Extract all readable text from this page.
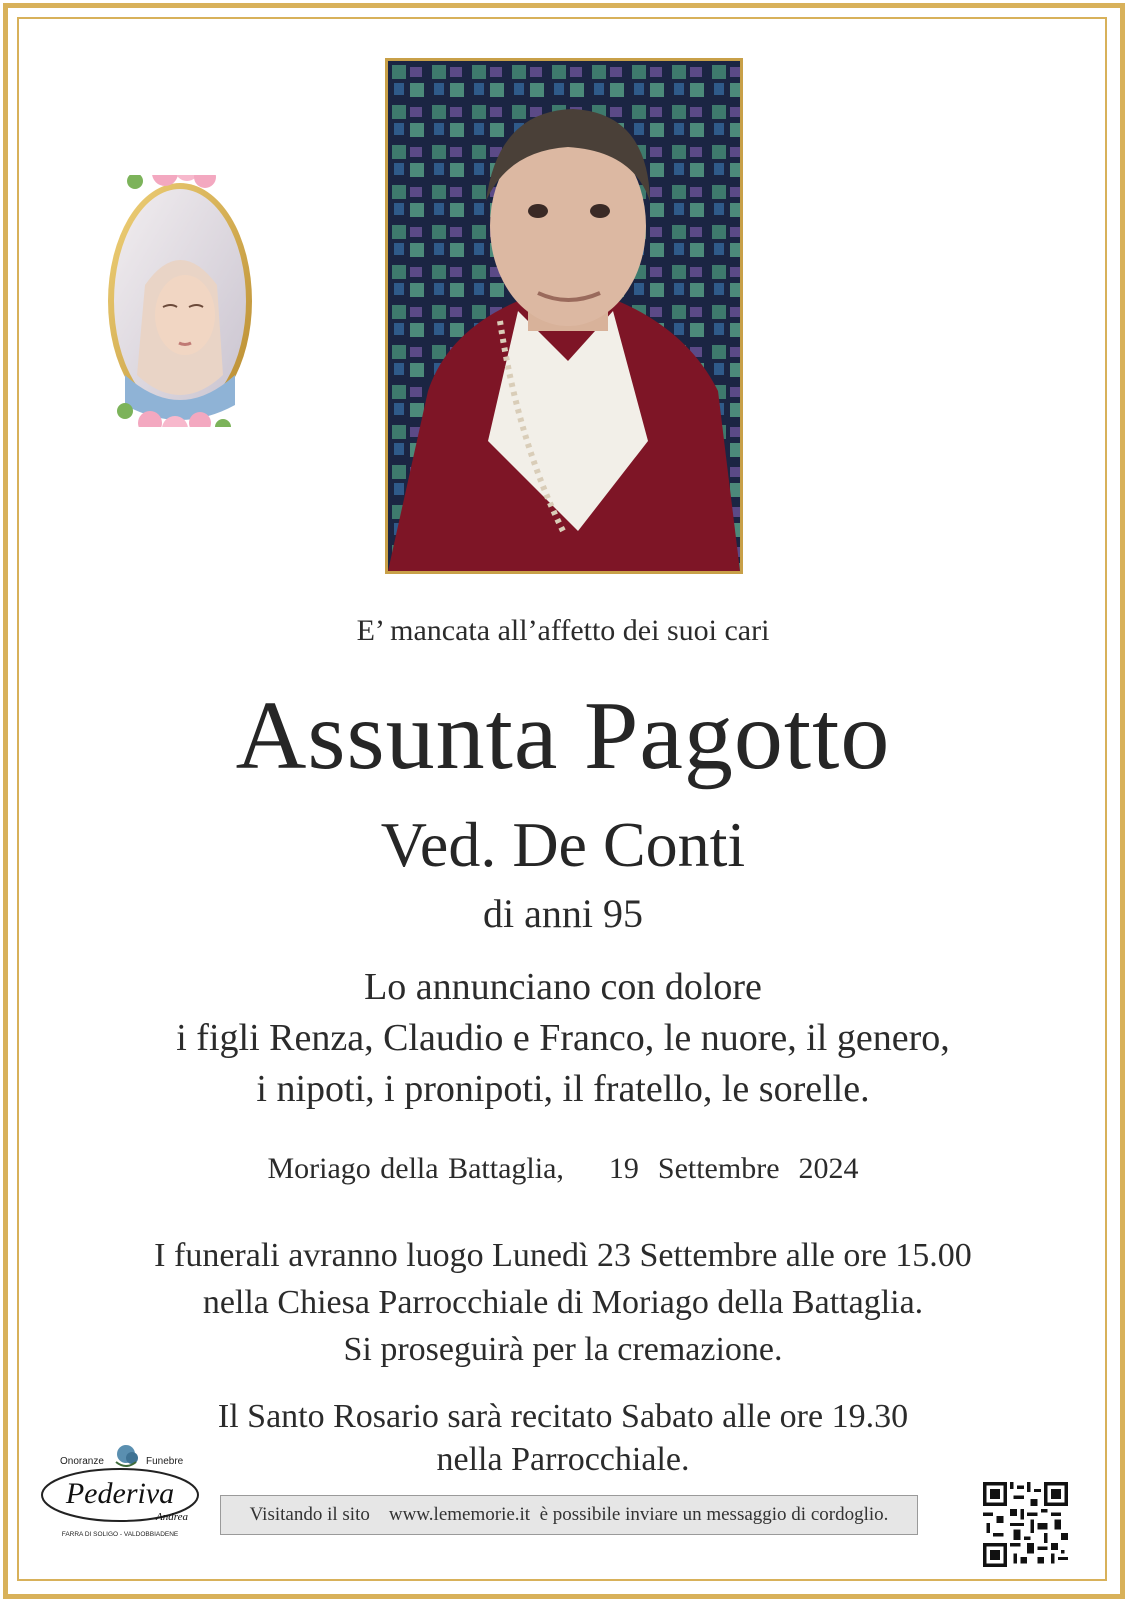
E’ mancata all’affetto dei suoi cari
Assunta Pagotto
Ved. De Conti
di anni 95
Lo annunciano con dolore
i figli Renza, Claudio e Franco, le nuore, il genero,
i nipoti, i pronipoti, il fratello, le sorelle.
Moriago della Battaglia, 19  Settembre  2024
I funerali avranno luogo Lunedì 23 Settembre alle ore 15.00
nella Chiesa Parrocchiale di Moriago della Battaglia.
Si proseguirà per la cremazione.
Il Santo Rosario sarà recitato Sabato alle ore 19.30
nella Parrocchiale.
Onoranze	Funebre
Pederiva
Andrea
FARRA DI SOLIGO - VALDOBBIADENE
Visitando il sito
www.lememorie.it
è possibile inviare un messaggio di cordoglio.
